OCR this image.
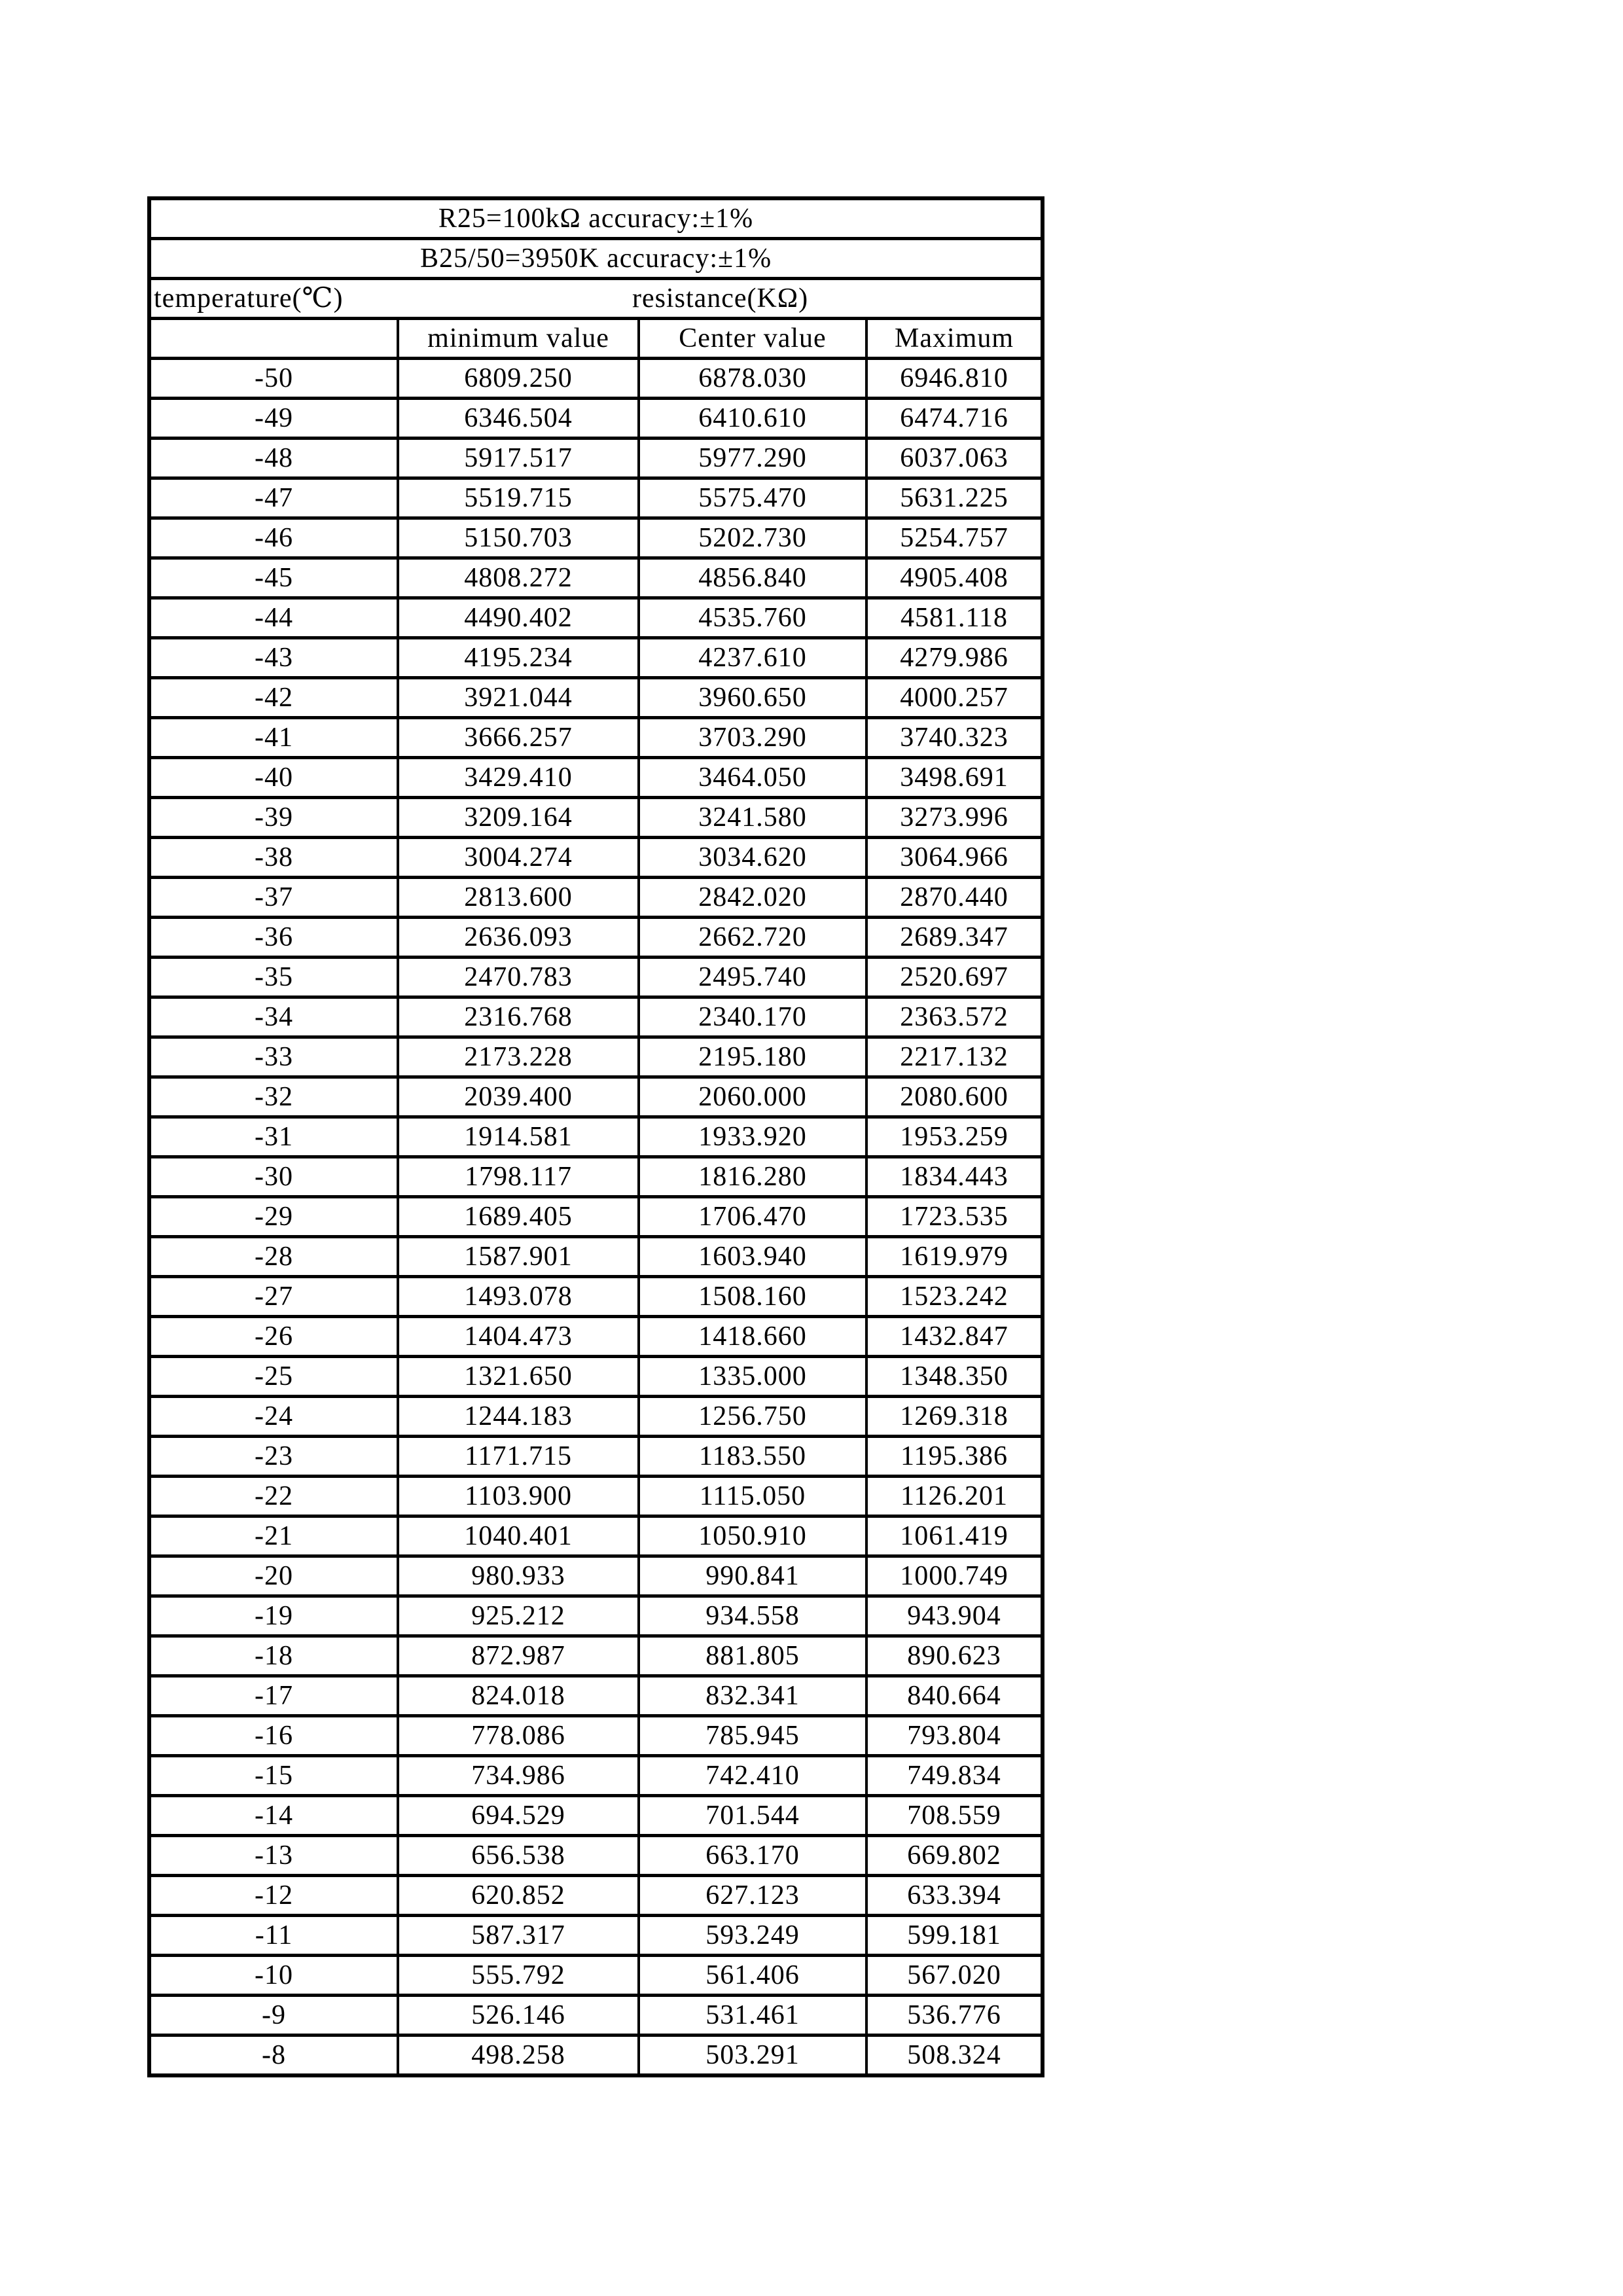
R25=100kΩ accuracy:±1%			
B25/50=3950K accuracy:±1%			

temperature(℃) resistance(KΩ)			

	minimum value	Center value	Maximum
-50	6809.250	6878.030	6946.810
-49	6346.504	6410.610	6474.716
-48	5917.517	5977.290	6037.063
-47	5519.715	5575.470	5631.225
-46	5150.703	5202.730	5254.757
-45	4808.272	4856.840	4905.408
-44	4490.402	4535.760	4581.118
-43	4195.234	4237.610	4279.986
-42	3921.044	3960.650	4000.257
-41	3666.257	3703.290	3740.323
-40	3429.410	3464.050	3498.691
-39	3209.164	3241.580	3273.996
-38	3004.274	3034.620	3064.966
-37	2813.600	2842.020	2870.440
-36	2636.093	2662.720	2689.347
-35	2470.783	2495.740	2520.697
-34	2316.768	2340.170	2363.572
-33	2173.228	2195.180	2217.132
-32	2039.400	2060.000	2080.600
-31	1914.581	1933.920	1953.259
-30	1798.117	1816.280	1834.443
-29	1689.405	1706.470	1723.535
-28	1587.901	1603.940	1619.979
-27	1493.078	1508.160	1523.242
-26	1404.473	1418.660	1432.847
-25	1321.650	1335.000	1348.350
-24	1244.183	1256.750	1269.318
-23	1171.715	1183.550	1195.386
-22	1103.900	1115.050	1126.201
-21	1040.401	1050.910	1061.419
-20	980.933	990.841	1000.749
-19	925.212	934.558	943.904
-18	872.987	881.805	890.623
-17	824.018	832.341	840.664
-16	778.086	785.945	793.804
-15	734.986	742.410	749.834
-14	694.529	701.544	708.559
-13	656.538	663.170	669.802
-12	620.852	627.123	633.394
-11	587.317	593.249	599.181
-10	555.792	561.406	567.020
-9	526.146	531.461	536.776
-8	498.258	503.291	508.324
